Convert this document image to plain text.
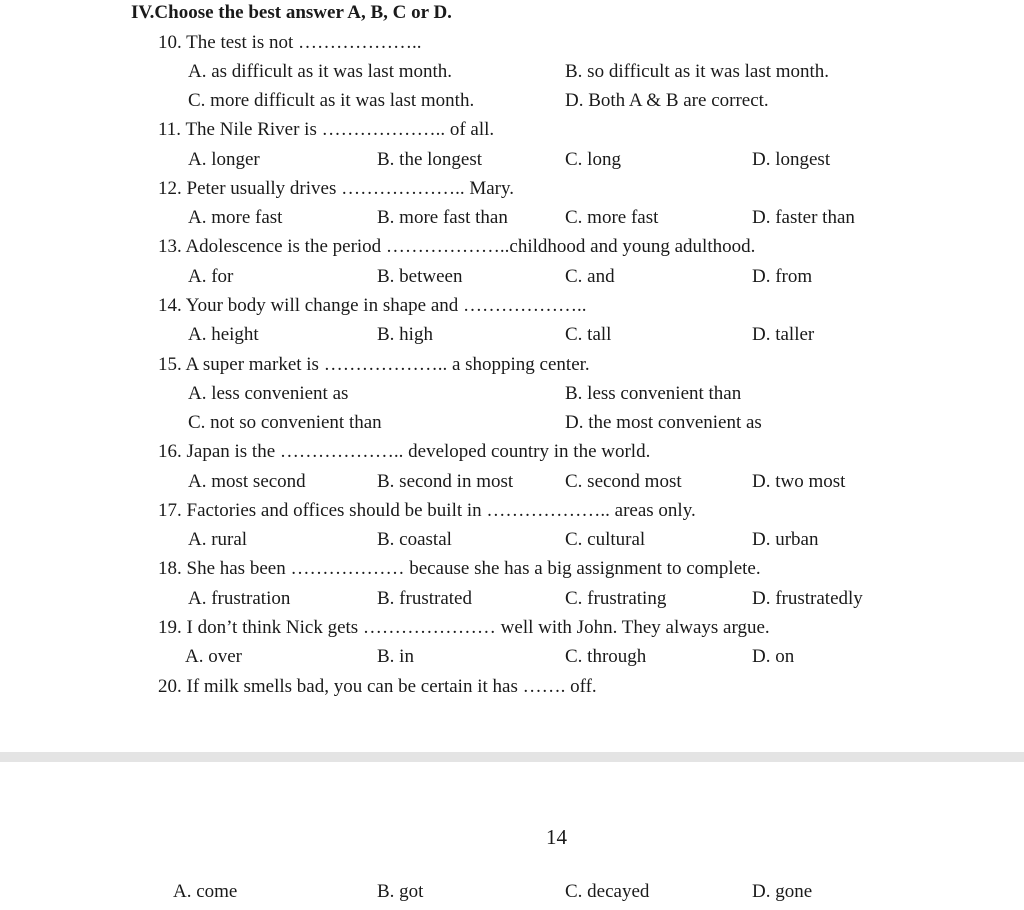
IV.Choose the best answer A, B, C or D.
10. The test is not ………………..
A. as difficult as it was last month.	B. so difficult as it was last month.
C. more difficult as it was last month.	D. Both A & B are correct.
11. The Nile River is ……………….. of all.
A. longer	B. the longest	C. long	D. longest
12. Peter usually drives ……………….. Mary.
A. more fast	B. more fast than	C. more fast	D. faster than
13. Adolescence is the period ………………..childhood and young adulthood.
A. for	B. between	C. and	D. from
14. Your body will change in shape and ………………..
A. height	B. high	C. tall	D. taller
15. A super market is ……………….. a shopping center.
A. less convenient as	B. less convenient than
C. not so convenient than	D. the most convenient as
16. Japan is the ……………….. developed country in the world.
A. most second	B. second in most	C. second most	D. two most
17. Factories and offices should be built in ……………….. areas only.
A. rural	B. coastal	C. cultural	D. urban
18. She has been ……………… because she has a big assignment to complete.
A. frustration	B. frustrated	C. frustrating	D. frustratedly
19. I don’t think Nick gets ………………… well with John. They always argue.
A. over	B. in	C. through	D. on
20. If milk smells bad, you can be certain it has ……. off.
14
A. come	B. got	C. decayed	D. gone
